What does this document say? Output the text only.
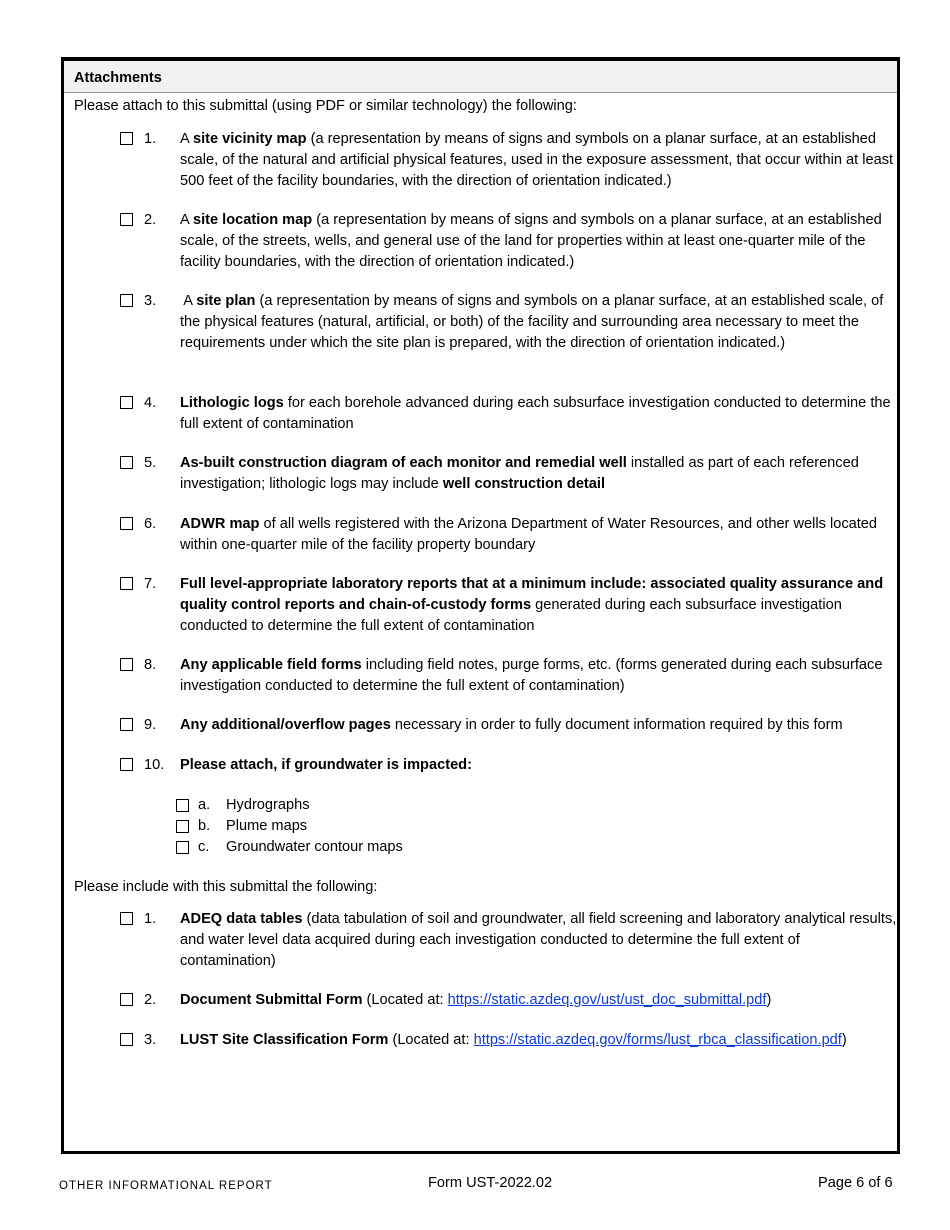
Attachments
Please attach to this submittal (using PDF or similar technology) the following:
1. A site vicinity map (a representation by means of signs and symbols on a planar surface, at an established scale, of the natural and artificial physical features, used in the exposure assessment, that occur within at least 500 feet of the facility boundaries, with the direction of orientation indicated.)
2. A site location map (a representation by means of signs and symbols on a planar surface, at an established scale, of the streets, wells, and general use of the land for properties within at least one-quarter mile of the facility boundaries, with the direction of orientation indicated.)
3. A site plan (a representation by means of signs and symbols on a planar surface, at an established scale, of the physical features (natural, artificial, or both) of the facility and surrounding area necessary to meet the requirements under which the site plan is prepared, with the direction of orientation indicated.)
4. Lithologic logs for each borehole advanced during each subsurface investigation conducted to determine the full extent of contamination
5. As-built construction diagram of each monitor and remedial well installed as part of each referenced investigation; lithologic logs may include well construction detail
6. ADWR map of all wells registered with the Arizona Department of Water Resources, and other wells located within one-quarter mile of the facility property boundary
7. Full level-appropriate laboratory reports that at a minimum include: associated quality assurance and quality control reports and chain-of-custody forms generated during each subsurface investigation conducted to determine the full extent of contamination
8. Any applicable field forms including field notes, purge forms, etc. (forms generated during each subsurface investigation conducted to determine the full extent of contamination)
9. Any additional/overflow pages necessary in order to fully document information required by this form
10. Please attach, if groundwater is impacted:
a. Hydrographs
b. Plume maps
c. Groundwater contour maps
Please include with this submittal the following:
1. ADEQ data tables (data tabulation of soil and groundwater, all field screening and laboratory analytical results, and water level data acquired during each investigation conducted to determine the full extent of contamination)
2. Document Submittal Form (Located at: https://static.azdeq.gov/ust/ust_doc_submittal.pdf)
3. LUST Site Classification Form (Located at: https://static.azdeq.gov/forms/lust_rbca_classification.pdf)
OTHER INFORMATIONAL REPORT	Form UST-2022.02	Page 6 of 6
